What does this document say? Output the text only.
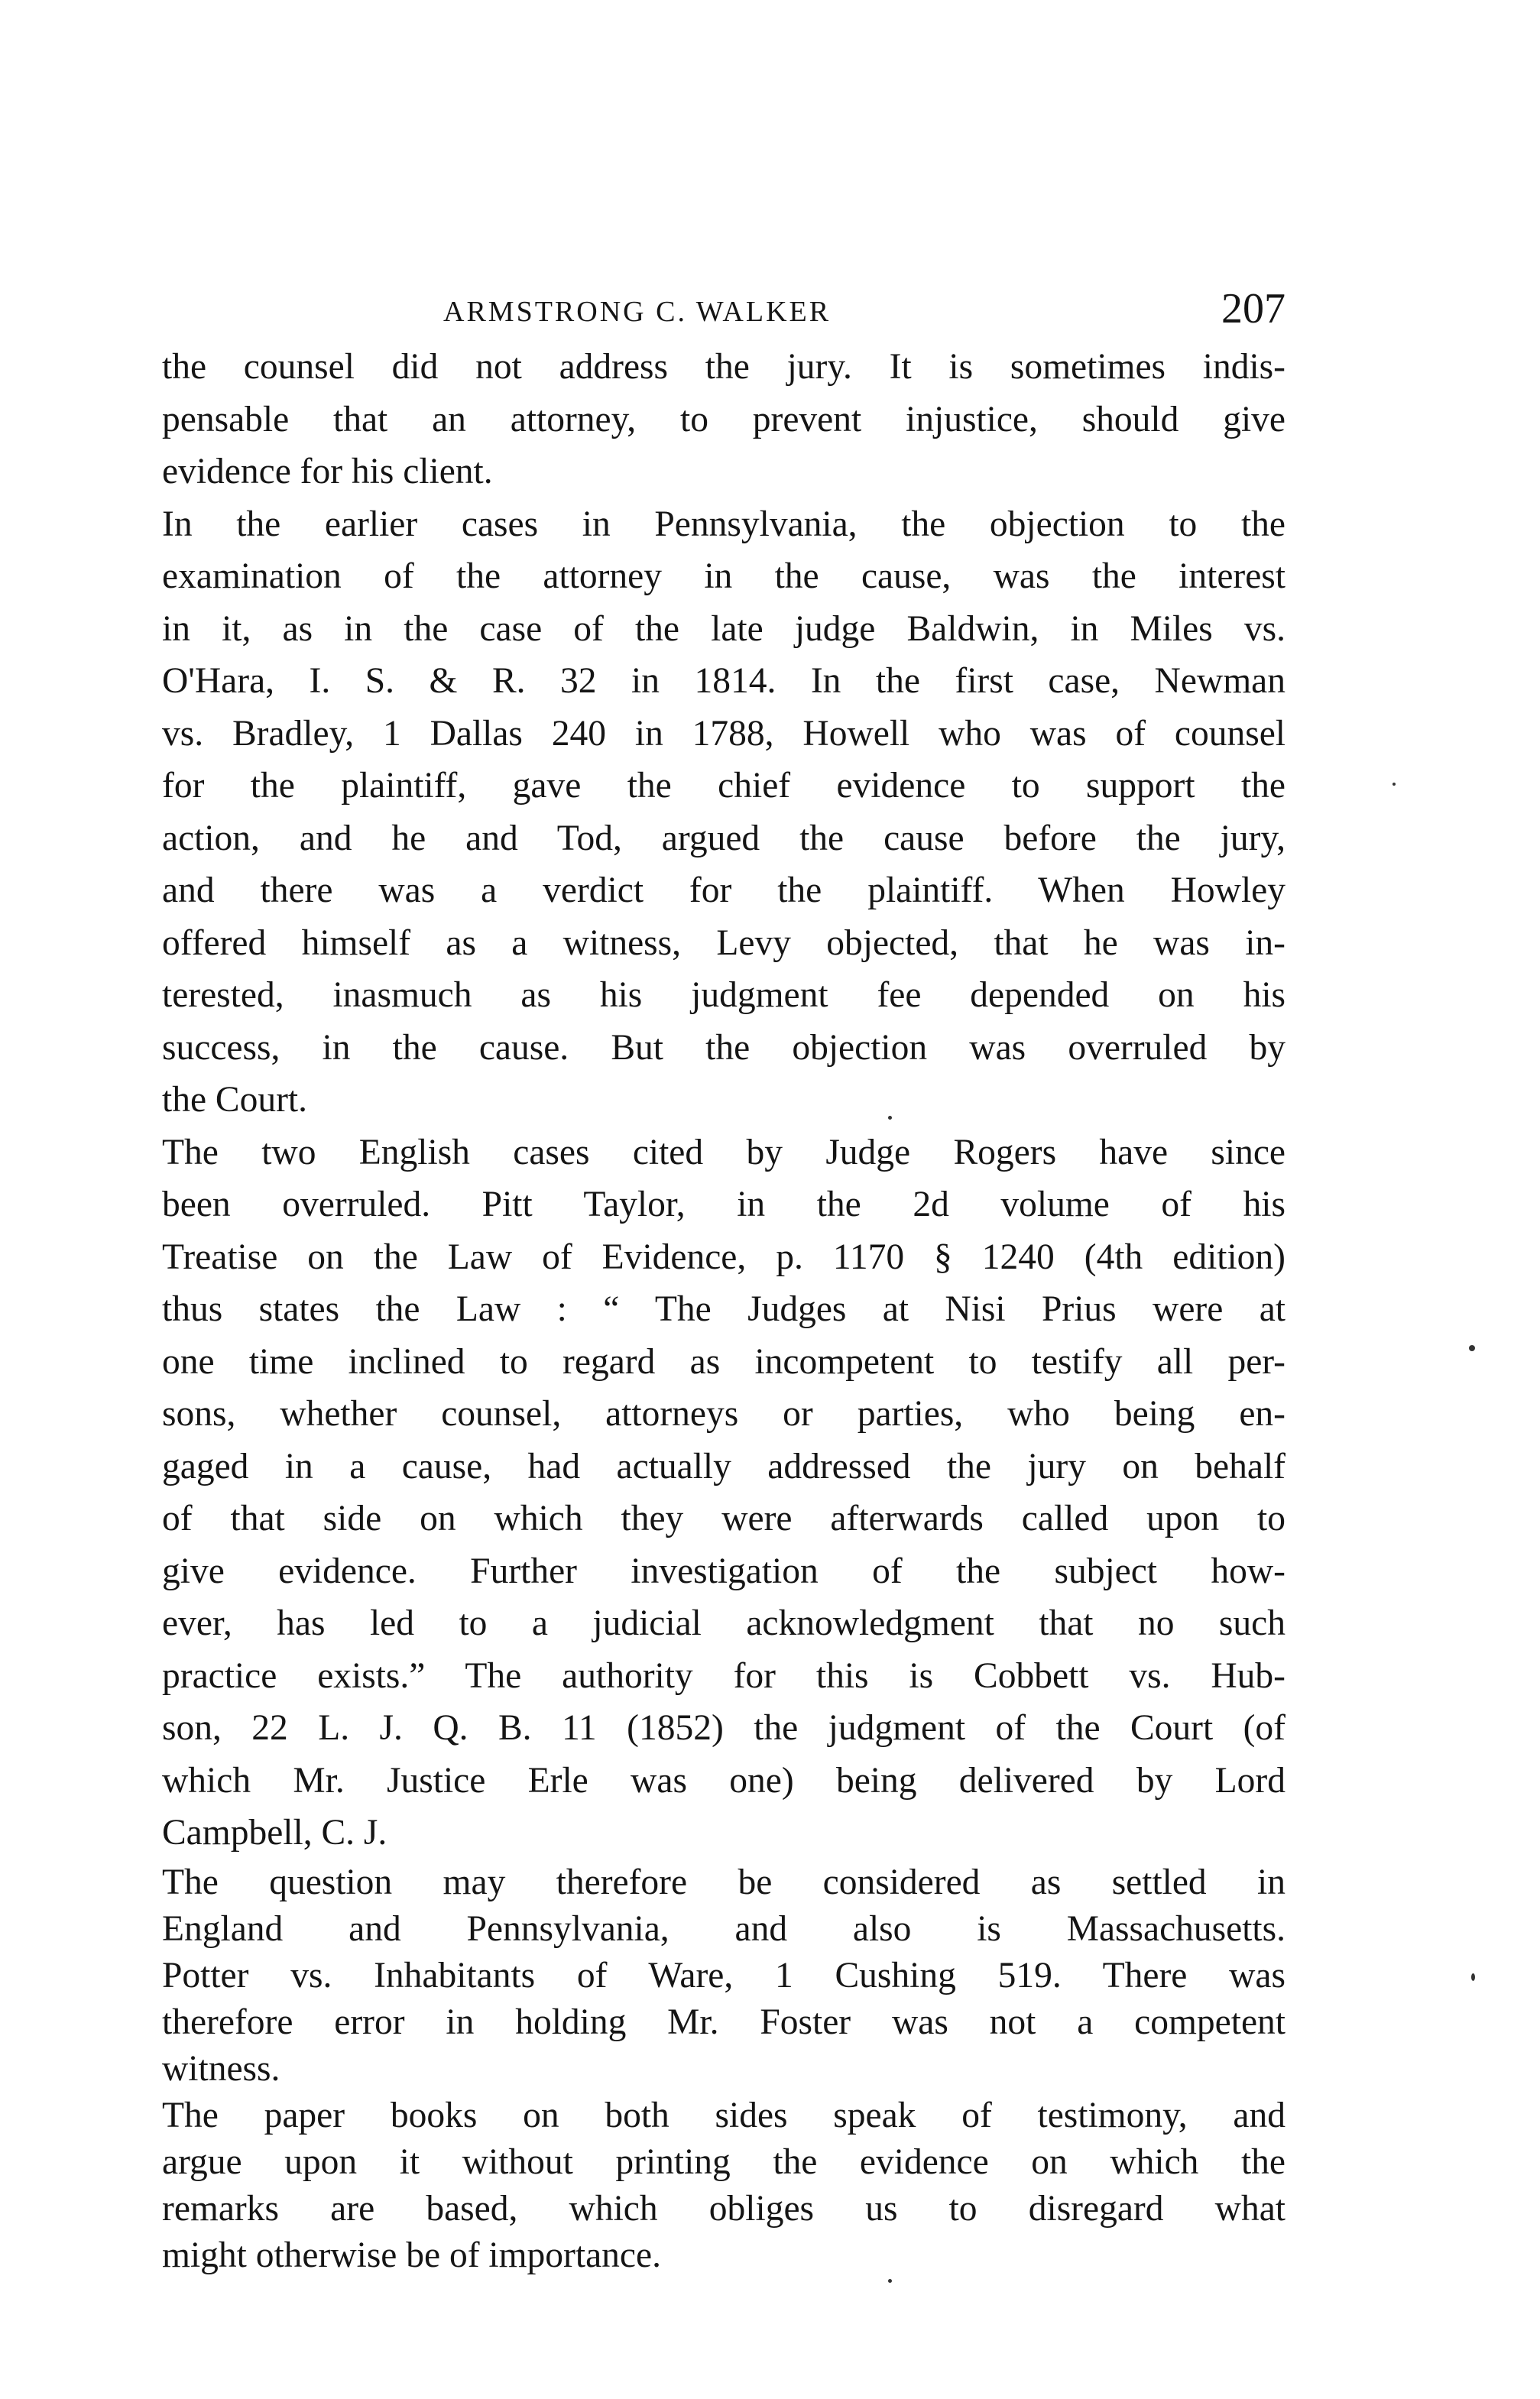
ARMSTRONG C. WALKER	207

the counsel did not address the jury. It is sometimes indis-
pensable that an attorney, to prevent injustice, should give
evidence for his client.

In the earlier cases in Pennsylvania, the objection to the
examination of the attorney in the cause, was the interest
in it, as in the case of the late judge Baldwin, in Miles vs.
O'Hara, I. S. & R. 32 in 1814. In the first case, Newman
vs. Bradley, 1 Dallas 240 in 1788, Howell who was of counsel
for the plaintiff, gave the chief evidence to support the
action, and he and Tod, argued the cause before the jury,
and there was a verdict for the plaintiff. When Howley
offered himself as a witness, Levy objected, that he was in-
terested, inasmuch as his judgment fee depended on his
success, in the cause. But the objection was overruled by
the Court.

The two English cases cited by Judge Rogers have since
been overruled. Pitt Taylor, in the 2d volume of his
Treatise on the Law of Evidence, p. 1170 § 1240 (4th edition)
thus states the Law : “ The Judges at Nisi Prius were at
one time inclined to regard as incompetent to testify all per-
sons, whether counsel, attorneys or parties, who being en-
gaged in a cause, had actually addressed the jury on behalf
of that side on which they were afterwards called upon to
give evidence. Further investigation of the subject how-
ever, has led to a judicial acknowledgment that no such
practice exists.” The authority for this is Cobbett vs. Hub-
son, 22 L. J. Q. B. 11 (1852) the judgment of the Court (of
which Mr. Justice Erle was one) being delivered by Lord
Campbell, C. J.

The question may therefore be considered as settled in
England and Pennsylvania, and also is Massachusetts.
Potter vs. Inhabitants of Ware, 1 Cushing 519. There was
therefore error in holding Mr. Foster was not a competent
witness.

The paper books on both sides speak of testimony, and
argue upon it without printing the evidence on which the
remarks are based, which obliges us to disregard what
might otherwise be of importance.
